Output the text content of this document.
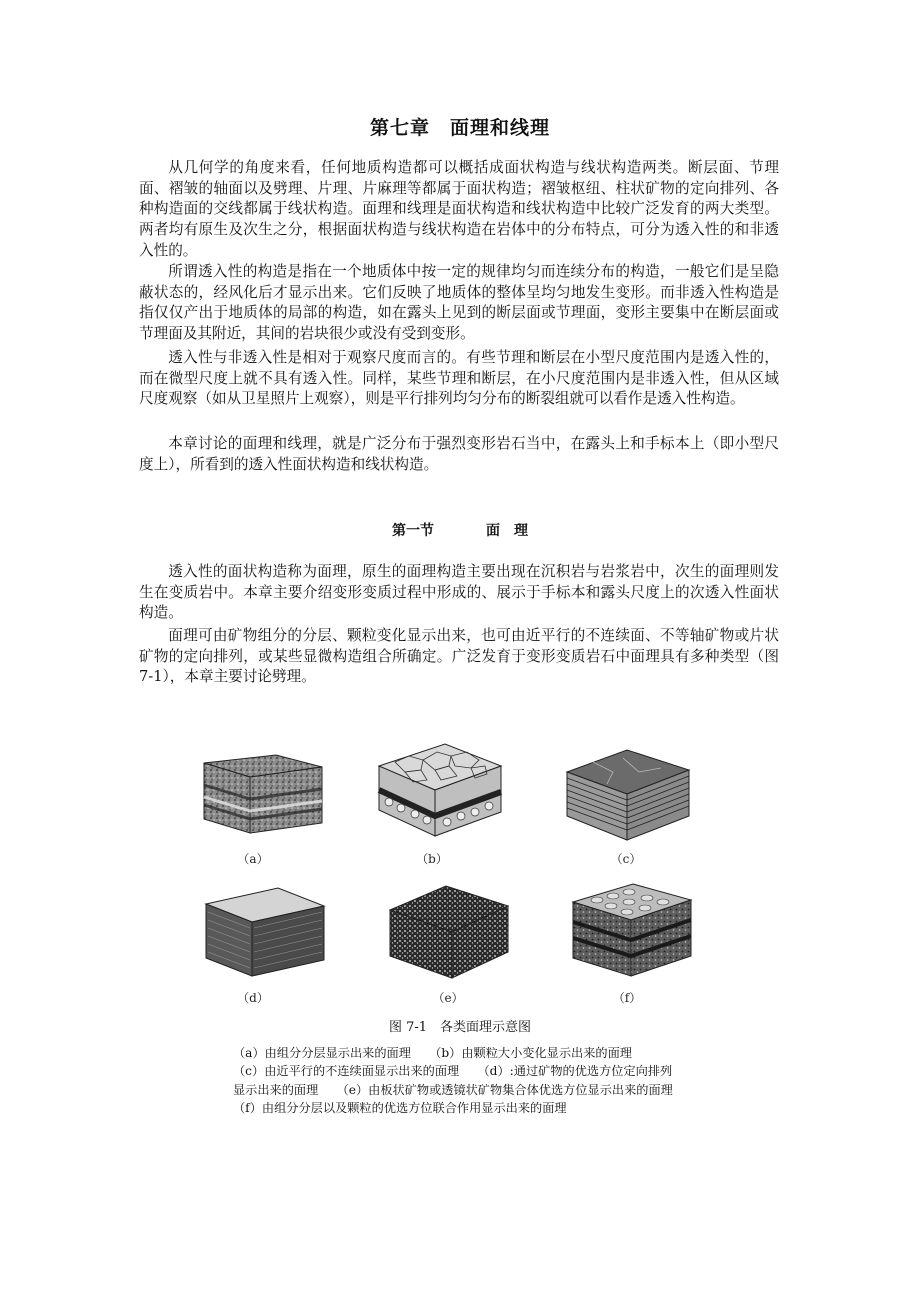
第七章　面理和线理

从几何学的角度来看，任何地质构造都可以概括成面状构造与线状构造两类。断层面、节理面、褶皱的轴面以及劈理、片理、片麻理等都属于面状构造；褶皱枢纽、柱状矿物的定向排列、各种构造面的交线都属于线状构造。面理和线理是面状构造和线状构造中比较广泛发育的两大类型。两者均有原生及次生之分，根据面状构造与线状构造在岩体中的分布特点，可分为透入性的和非透入性的。

所谓透入性的构造是指在一个地质体中按一定的规律均匀而连续分布的构造，一般它们是呈隐蔽状态的，经风化后才显示出来。它们反映了地质体的整体呈均匀地发生变形。而非透入性构造是指仅仅产出于地质体的局部的构造，如在露头上见到的断层面或节理面，变形主要集中在断层面或节理面及其附近，其间的岩块很少或没有受到变形。

透入性与非透入性是相对于观察尺度而言的。有些节理和断层在小型尺度范围内是透入性的，而在微型尺度上就不具有透入性。同样，某些节理和断层，在小尺度范围内是非透入性，但从区域尺度观察（如从卫星照片上观察），则是平行排列均匀分布的断裂组就可以看作是透入性构造。

本章讨论的面理和线理，就是广泛分布于强烈变形岩石当中，在露头上和手标本上（即小型尺度上），所看到的透入性面状构造和线状构造。

第一节	面　理

透入性的面状构造称为面理，原生的面理构造主要出现在沉积岩与岩浆岩中，次生的面理则发生在变质岩中。本章主要介绍变形变质过程中形成的、展示于手标本和露头尺度上的次透入性面状构造。

面理可由矿物组分的分层、颗粒变化显示出来，也可由近平行的不连续面、不等轴矿物或片状矿物的定向排列，或某些显微构造组合所确定。广泛发育于变形变质岩石中面理具有多种类型（图 7-1），本章主要讨论劈理。

（a）	（b）	（c）
（d）	（e）	（f）
图 7-1　各类面理示意图

（a）由组分分层显示出来的面理　　（b）由颗粒大小变化显示出来的面理　　（c）由近平行的不连续面显示出来的面理　　（d）:通过矿物的优选方位定向排列显示出来的面理　　（e）由板状矿物或透镜状矿物集合体优选方位显示出来的面理　　（f）由组分分层以及颗粒的优选方位联合作用显示出来的面理
